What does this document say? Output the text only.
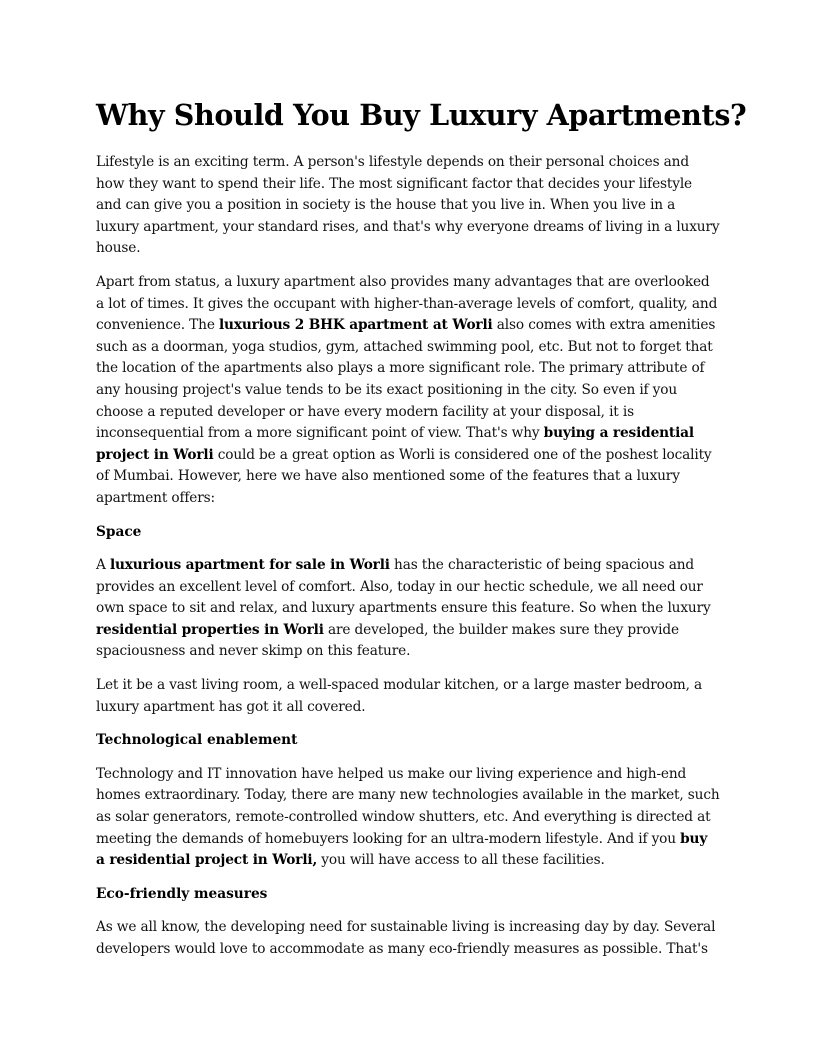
Why Should You Buy Luxury Apartments?

Lifestyle is an exciting term. A person's lifestyle depends on their personal choices and how they want to spend their life. The most significant factor that decides your lifestyle and can give you a position in society is the house that you live in. When you live in a luxury apartment, your standard rises, and that's why everyone dreams of living in a luxury house.

Apart from status, a luxury apartment also provides many advantages that are overlooked a lot of times. It gives the occupant with higher-than-average levels of comfort, quality, and convenience. The luxurious 2 BHK apartment at Worli also comes with extra amenities such as a doorman, yoga studios, gym, attached swimming pool, etc. But not to forget that the location of the apartments also plays a more significant role. The primary attribute of any housing project's value tends to be its exact positioning in the city. So even if you choose a reputed developer or have every modern facility at your disposal, it is inconsequential from a more significant point of view. That's why buying a residential project in Worli could be a great option as Worli is considered one of the poshest locality of Mumbai. However, here we have also mentioned some of the features that a luxury apartment offers:

Space

A luxurious apartment for sale in Worli has the characteristic of being spacious and provides an excellent level of comfort. Also, today in our hectic schedule, we all need our own space to sit and relax, and luxury apartments ensure this feature. So when the luxury residential properties in Worli are developed, the builder makes sure they provide spaciousness and never skimp on this feature.

Let it be a vast living room, a well-spaced modular kitchen, or a large master bedroom, a luxury apartment has got it all covered.

Technological enablement

Technology and IT innovation have helped us make our living experience and high-end homes extraordinary. Today, there are many new technologies available in the market, such as solar generators, remote-controlled window shutters, etc. And everything is directed at meeting the demands of homebuyers looking for an ultra-modern lifestyle. And if you buy a residential project in Worli, you will have access to all these facilities.

Eco-friendly measures

As we all know, the developing need for sustainable living is increasing day by day. Several developers would love to accommodate as many eco-friendly measures as possible. That's
